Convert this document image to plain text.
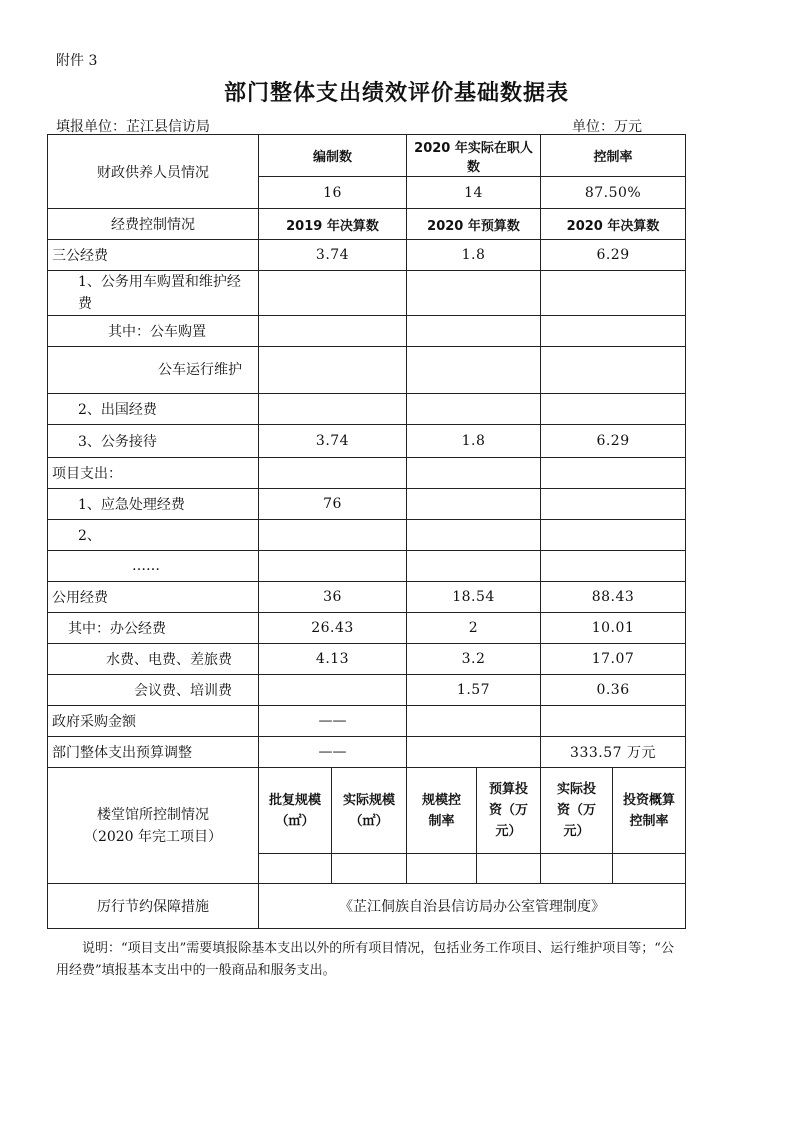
附件 3
部门整体支出绩效评价基础数据表
填报单位：芷江县信访局	单位：万元
财政供养人员情况	编制数		2020 年实际在职人数		控制率	
	16		14		87.50%	
经费控制情况	2019 年决算数		2020 年预算数		2020 年决算数	
三公经费	3.74		1.8		6.29	
1、公务用车购置和维护经费						
其中：公车购置						

公车运行维护						

2、出国经费						
3、公务接待	3.74		1.8		6.29	
项目支出：						
1、应急处理经费	76					
2、						
……						
公用经费	36		18.54		88.43	
其中：办公经费	26.43		2		10.01	
水费、电费、差旅费	4.13		3.2		17.07	
会议费、培训费			1.57		0.36	
政府采购金额	——					
部门整体支出预算调整	——				333.57 万元	

楼堂馆所控制情况
（2020 年完工项目）	批复规模（㎡）	实际规模（㎡）	规模控制率	预算投资（万元）	实际投资（万元）	投资概算控制率

厉行节约保障措施	《芷江侗族自治县信访局办公室管理制度》					
说明：“项目支出”需要填报除基本支出以外的所有项目情况，包括业务工作项目、运行维护项目等；“公用经费”填报基本支出中的一般商品和服务支出。
